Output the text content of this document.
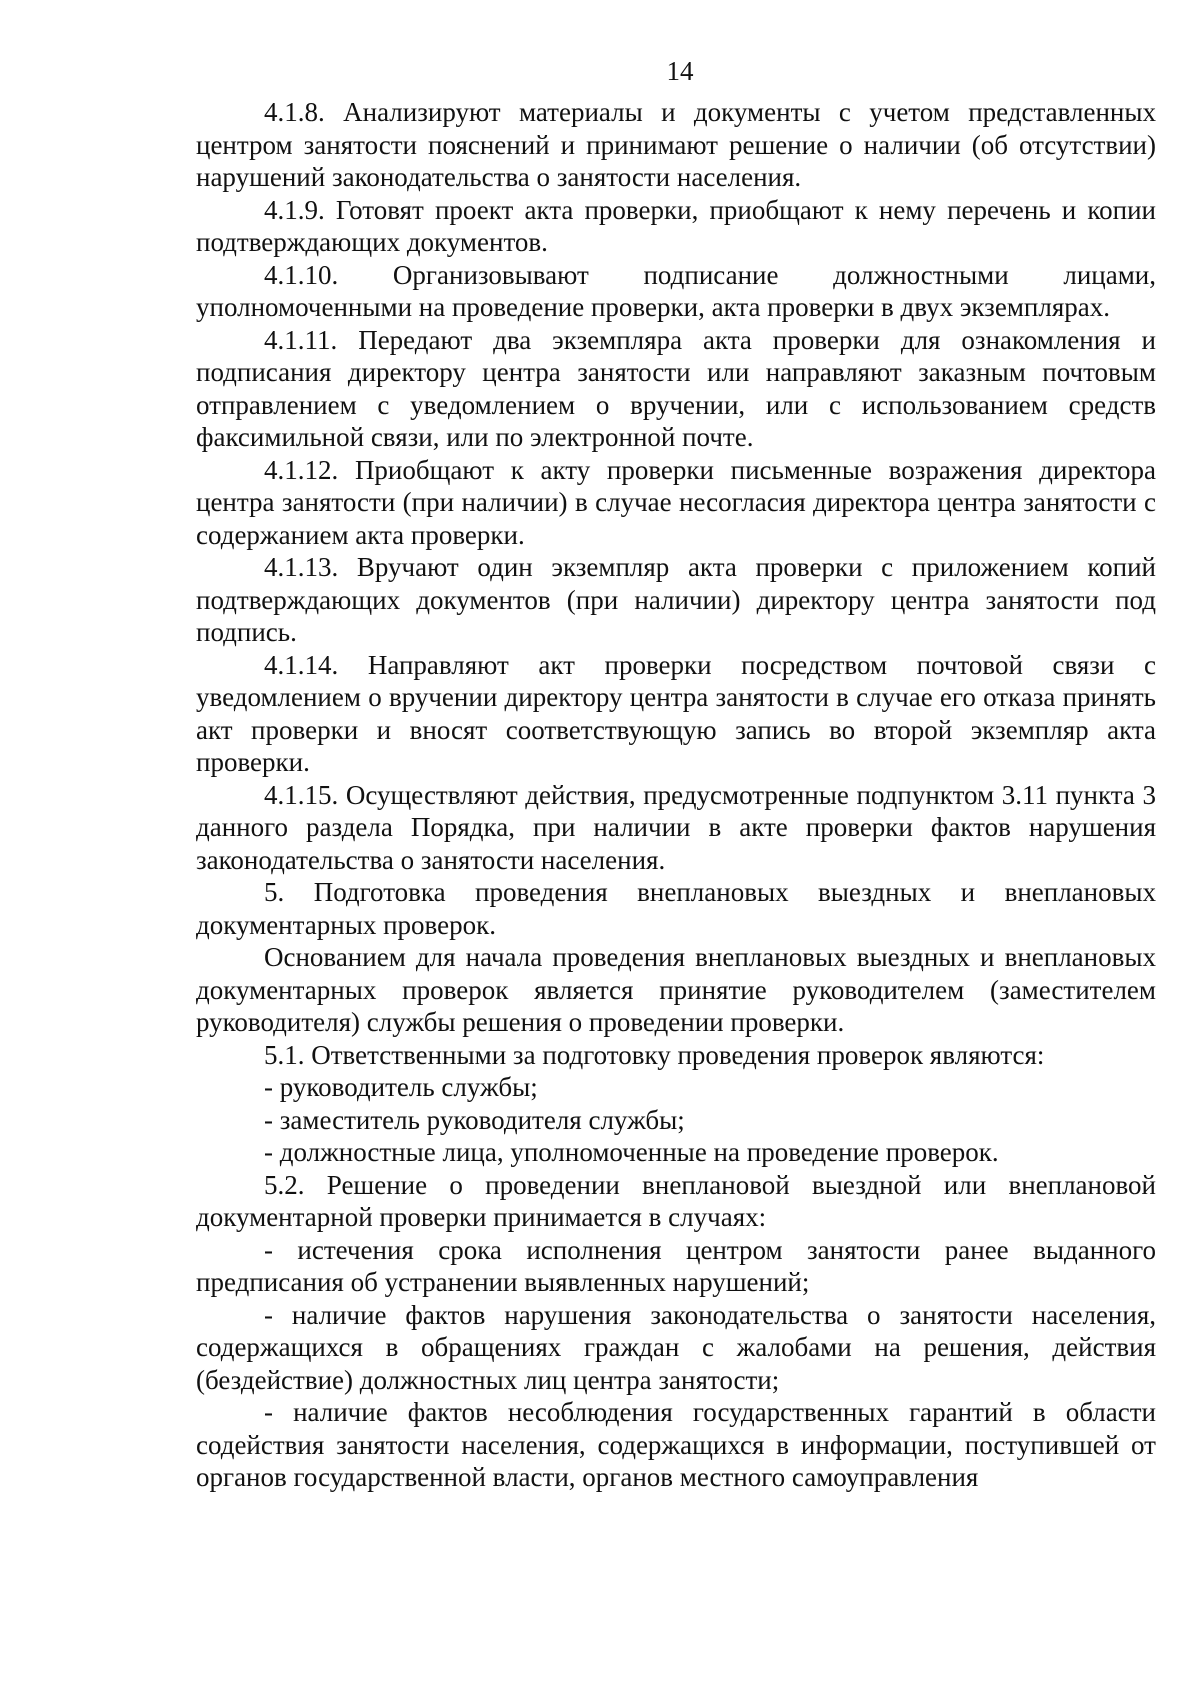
14

4.1.8. Анализируют материалы и документы с учетом представленных центром занятости пояснений и принимают решение о наличии (об отсутствии) нарушений законодательства о занятости населения.

4.1.9. Готовят проект акта проверки, приобщают к нему перечень и копии подтверждающих документов.

4.1.10. Организовывают подписание должностными лицами, уполномоченными на проведение проверки, акта проверки в двух экземплярах.

4.1.11. Передают два экземпляра акта проверки для ознакомления и подписания директору центра занятости или направляют заказным почтовым отправлением с уведомлением о вручении, или с использованием средств факсимильной связи, или по электронной почте.

4.1.12. Приобщают к акту проверки письменные возражения директора центра занятости (при наличии) в случае несогласия директора центра занятости с содержанием акта проверки.

4.1.13. Вручают один экземпляр акта проверки с приложением копий подтверждающих документов (при наличии) директору центра занятости под подпись.

4.1.14. Направляют акт проверки посредством почтовой связи с уведомлением о вручении директору центра занятости в случае его отказа принять акт проверки и вносят соответствующую запись во второй экземпляр акта проверки.

4.1.15. Осуществляют действия, предусмотренные подпунктом 3.11 пункта 3 данного раздела Порядка, при наличии в акте проверки фактов нарушения законодательства о занятости населения.

5. Подготовка проведения внеплановых выездных и внеплановых документарных проверок.

Основанием для начала проведения внеплановых выездных и внеплановых документарных проверок является принятие руководителем (заместителем руководителя) службы решения о проведении проверки.

5.1. Ответственными за подготовку проведения проверок являются:

- руководитель службы;

- заместитель руководителя службы;

- должностные лица, уполномоченные на проведение проверок.

5.2. Решение о проведении внеплановой выездной или внеплановой документарной проверки принимается в случаях:

- истечения срока исполнения центром занятости ранее выданного предписания об устранении выявленных нарушений;

- наличие фактов нарушения законодательства о занятости населения, содержащихся в обращениях граждан с жалобами на решения, действия (бездействие) должностных лиц центра занятости;

- наличие фактов несоблюдения государственных гарантий в области содействия занятости населения, содержащихся в информации, поступившей от органов государственной власти, органов местного самоуправления
